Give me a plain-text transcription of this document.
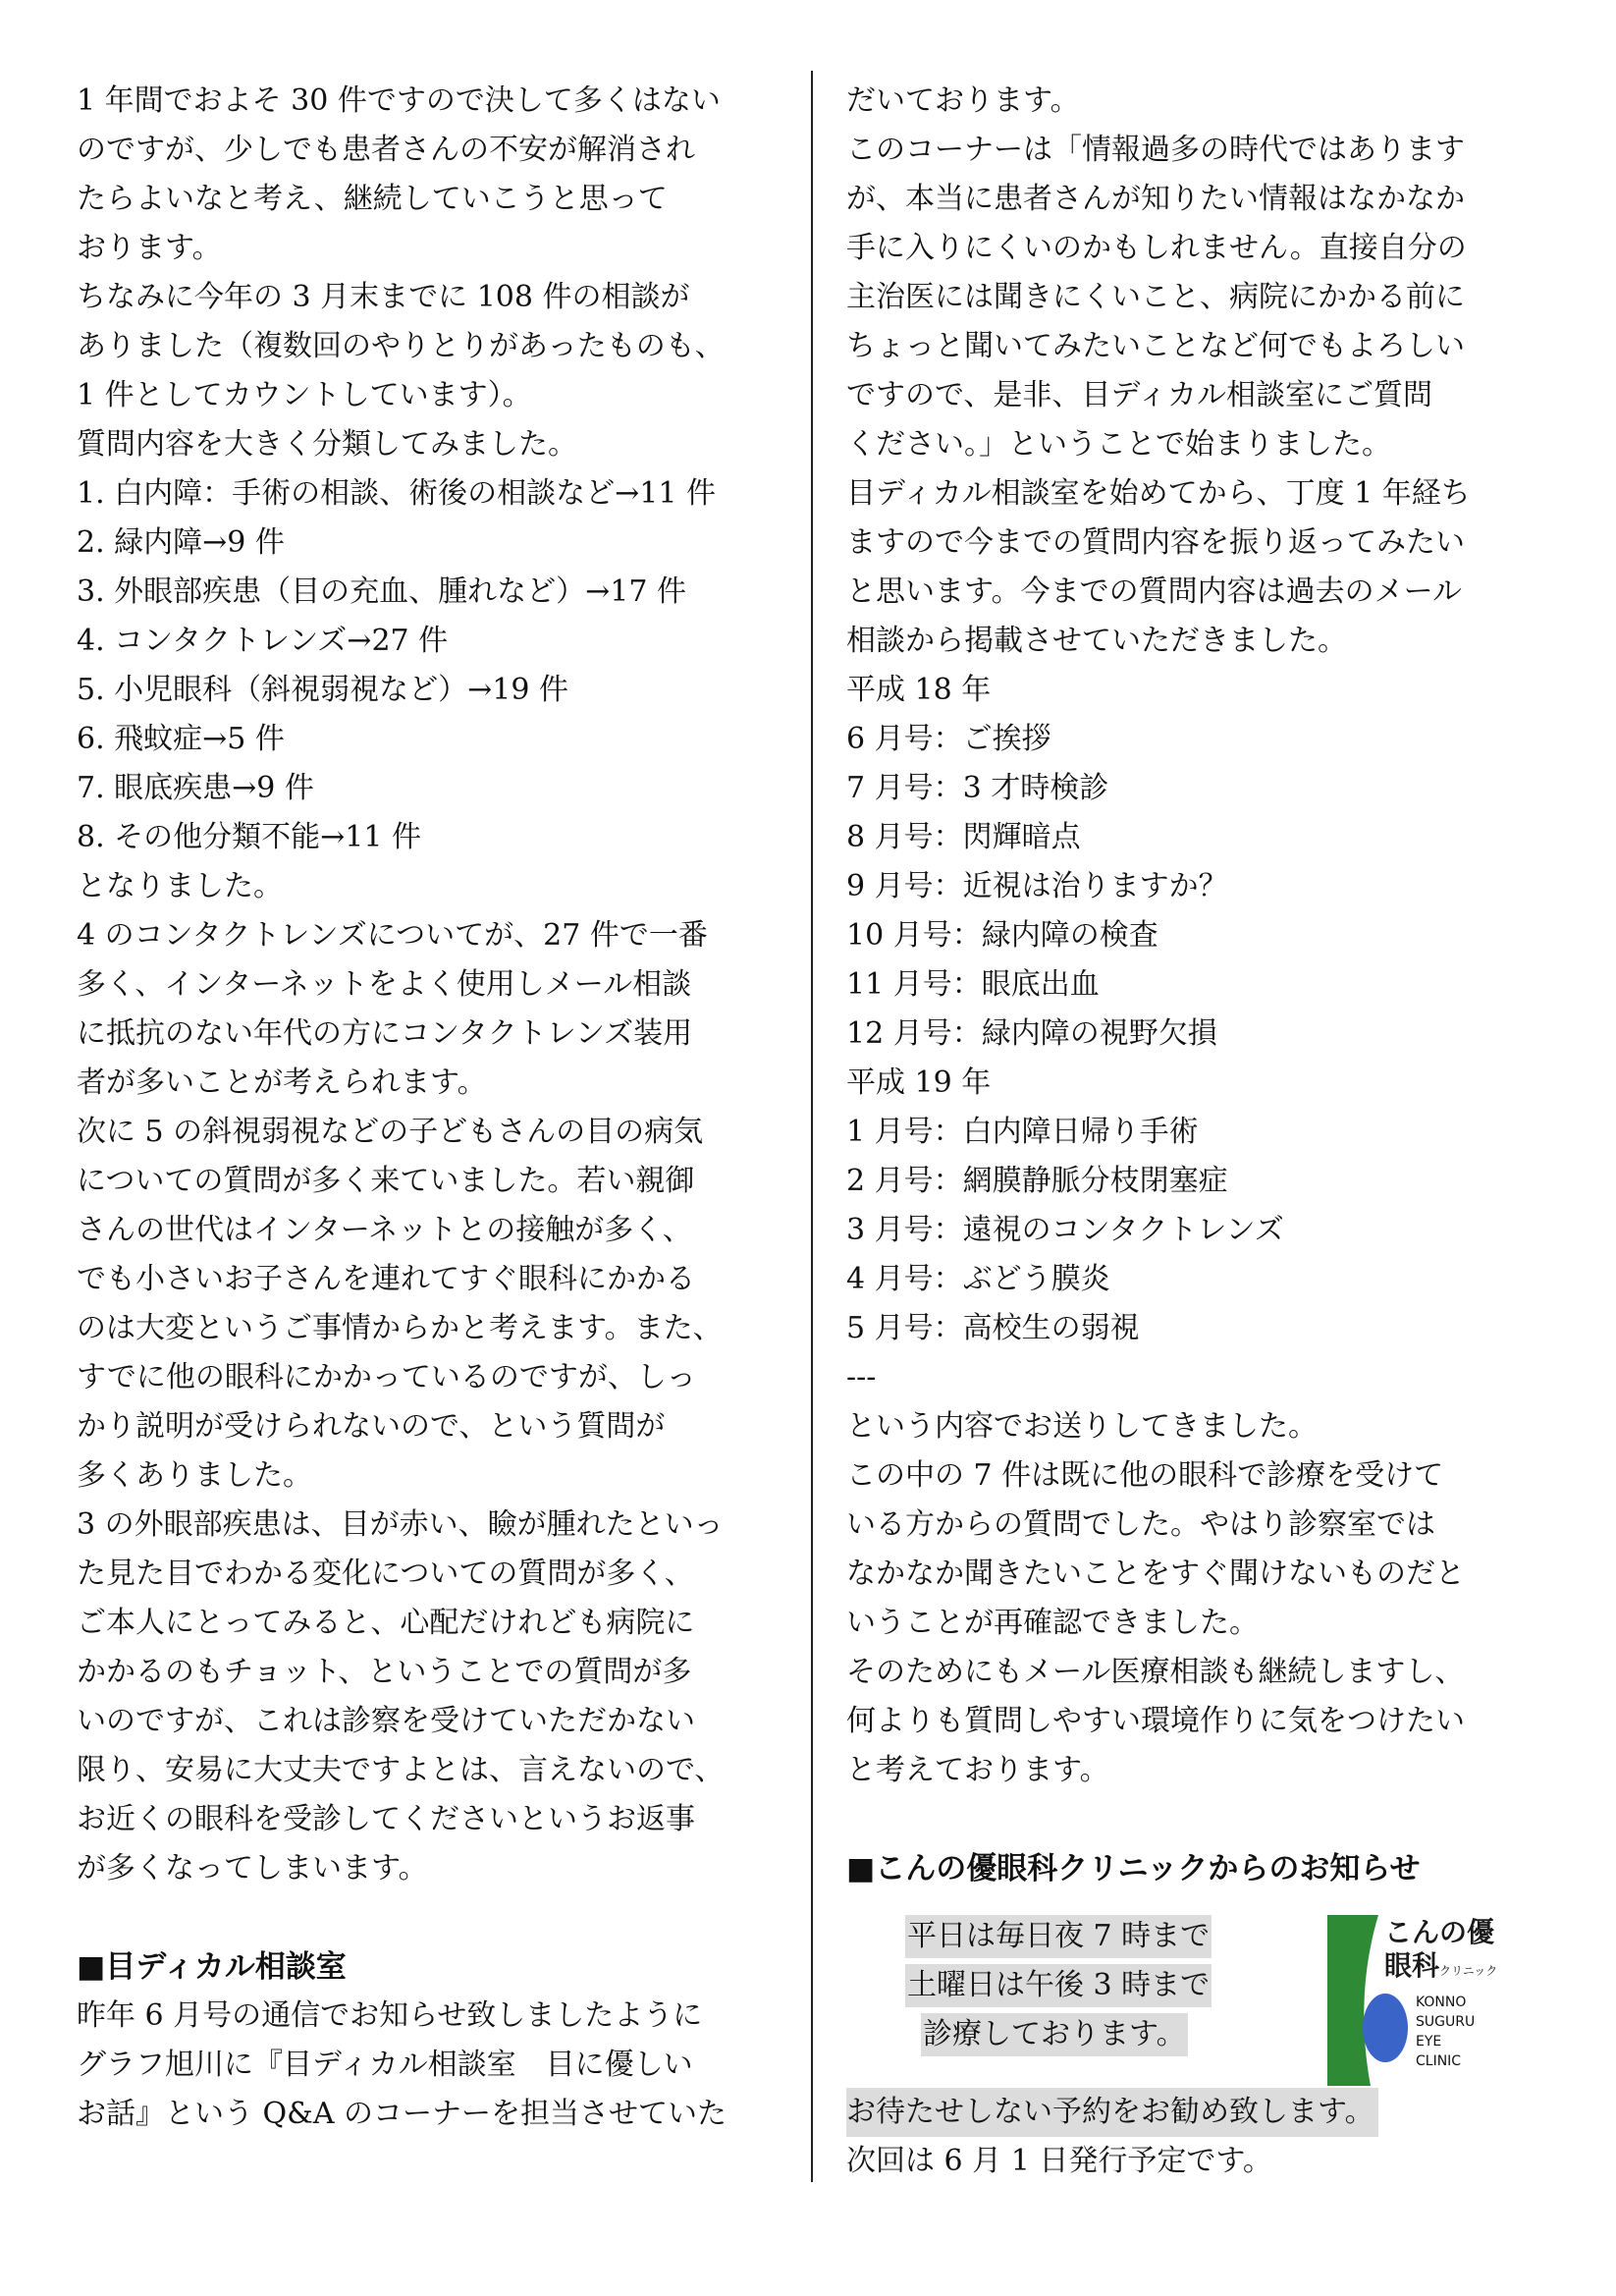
1 年間でおよそ 30 件ですので決して多くはない
のですが、少しでも患者さんの不安が解消され
たらよいなと考え、継続していこうと思って
おります。
ちなみに今年の 3 月末までに 108 件の相談が
ありました（複数回のやりとりがあったものも、
1 件としてカウントしています）。
質問内容を大きく分類してみました。
1. 白内障：手術の相談、術後の相談など→11 件
2. 緑内障→9 件
3. 外眼部疾患（目の充血、腫れなど）→17 件
4. コンタクトレンズ→27 件
5. 小児眼科（斜視弱視など）→19 件
6. 飛蚊症→5 件
7. 眼底疾患→9 件
8. その他分類不能→11 件
となりました。
4 のコンタクトレンズについてが、27 件で一番
多く、インターネットをよく使用しメール相談
に抵抗のない年代の方にコンタクトレンズ装用
者が多いことが考えられます。
次に 5 の斜視弱視などの子どもさんの目の病気
についての質問が多く来ていました。若い親御
さんの世代はインターネットとの接触が多く、
でも小さいお子さんを連れてすぐ眼科にかかる
のは大変というご事情からかと考えます。また、
すでに他の眼科にかかっているのですが、しっ
かり説明が受けられないので、という質問が
多くありました。
3 の外眼部疾患は、目が赤い、瞼が腫れたといっ
た見た目でわかる変化についての質問が多く、
ご本人にとってみると、心配だけれども病院に
かかるのもチョット、ということでの質問が多
いのですが、これは診察を受けていただかない
限り、安易に大丈夫ですよとは、言えないので、
お近くの眼科を受診してくださいというお返事
が多くなってしまいます。
■目ディカル相談室
昨年 6 月号の通信でお知らせ致しましたように
グラフ旭川に『目ディカル相談室　目に優しい
お話』という Q&A のコーナーを担当させていた
だいております。
このコーナーは「情報過多の時代ではあります
が、本当に患者さんが知りたい情報はなかなか
手に入りにくいのかもしれません。直接自分の
主治医には聞きにくいこと、病院にかかる前に
ちょっと聞いてみたいことなど何でもよろしい
ですので、是非、目ディカル相談室にご質問
ください。」ということで始まりました。
目ディカル相談室を始めてから、丁度 1 年経ち
ますので今までの質問内容を振り返ってみたい
と思います。今までの質問内容は過去のメール
相談から掲載させていただきました。
平成 18 年
6 月号：ご挨拶
7 月号：3 才時検診
8 月号：閃輝暗点
9 月号：近視は治りますか？
10 月号：緑内障の検査
11 月号：眼底出血
12 月号：緑内障の視野欠損
平成 19 年
1 月号：白内障日帰り手術
2 月号：網膜静脈分枝閉塞症
3 月号：遠視のコンタクトレンズ
4 月号：ぶどう膜炎
5 月号：高校生の弱視
---
という内容でお送りしてきました。
この中の 7 件は既に他の眼科で診療を受けて
いる方からの質問でした。やはり診察室では
なかなか聞きたいことをすぐ聞けないものだと
いうことが再確認できました。
そのためにもメール医療相談も継続しますし、
何よりも質問しやすい環境作りに気をつけたい
と考えております。
■こんの優眼科クリニックからのお知らせ
平日は毎日夜 7 時まで
土曜日は午後 3 時まで
診療しております。
こんの優
眼科クリニック
KONNO
SUGURU
EYE
CLINIC
お待たせしない予約をお勧め致します。
次回は 6 月 1 日発行予定です。
